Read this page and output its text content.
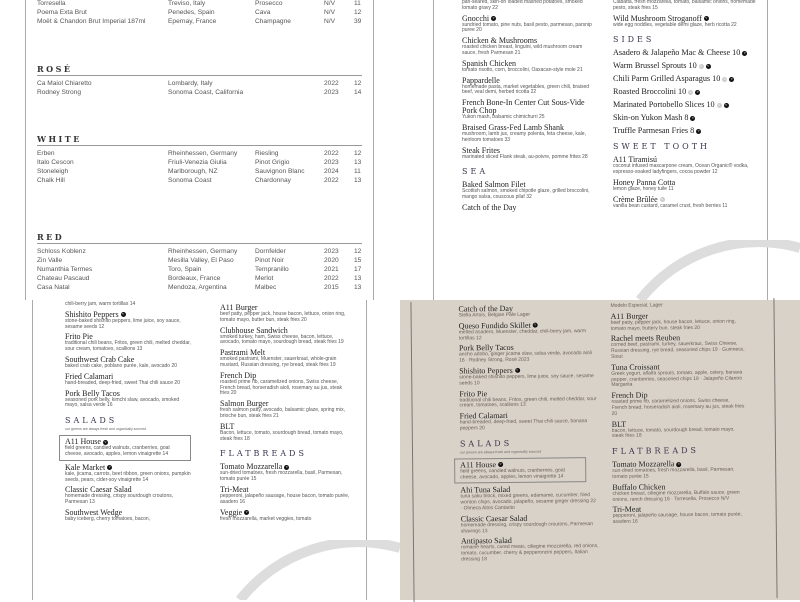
Torresella	Treviso, Italy	Prosecco	N/V	11
Poema Exta Brut	Penedes, Spain	Cava	N/V	12
Moët & Chandon Brut Imperial 187ml	Epernay, France	Champagne	N/V	39
ROSÉ
Ca Maiol Chiaretto	Lombardy, Italy	2022 12
Rodney Strong	Sonoma Coast, California	2023 14
WHITE
Erben	Rheinhessen, Germany	Riesling	2022 12
Italo Cescon	Friuli-Venezia Giulia	Pinot Grigio	2023 13
Stoneleigh	Marlborough, NZ	Sauvignon Blanc	2024 11
Chalk Hill	Sonoma Coast	Chardonnay	2022 13
RED
Schloss Koblenz	Rheinhessen, Germany	Dornfelder	2023 12
Zin Valle	Mesilla Valley, El Paso	Pinot Noir	2020 15
Numanthia Termes	Toro, Spain	Tempranillo	2021 17
Chateau Pascaud	Bordeaux, France	Merlot	2022 13
Casa Natal	Mendoza, Argentina	Malbec	2015 13
pan-seared, skin-on loaded mashed potatoes, smoked tomato gravy 22
Gnocchi	V
sundried tomato, pine nuts, basil pesto, parmesan, parsnip puree 20
Chicken & Mushrooms
roasted chicken breast, linguini, wild mushroom cream sauce, fresh Parmesan 21
Spanish Chicken
tomato risotto, corn, broccolini, Oaxacan-style mole 21
Pappardelle
homemade pasta, market vegetables, green chili, braised beef, veal demi, herbed ricotta 22
French Bone-In Center Cut Sous-Vide Pork Chop
Yukon mash, balsamic chimichurri 25
Braised Grass-Fed Lamb Shank
mushroom, lamb jus, creamy polenta, feta cheese, kale, heirloom tomatoes 33
Steak Frites
marinated sliced Flank steak, au-poivre, pomme frites 28
SEA
Baked Salmon Filet
Scottish salmon, smoked chipotle glaze, grilled broccolini, mango salsa, couscous pilaf 32
Catch of the Day
Ciabatta, fresh mozzarella, tomato, balsamic onions, homemade pesto, steak fries 15
Wild Mushroom Stroganoff	V
wide egg noddles, vegetable demi glaze, herb ricotta 22
SIDES
Asadero & Jalapeño Mac & Cheese 10	V
Warm Brussel Sprouts 10	G	V
Chili Parm Grilled Asparagus 10	G	V
Roasted Broccolini 10	G	V
Marinated Portobello Slices 10	G	V
Skin-on Yukon Mash 8	V
Truffle Parmesan Fries 8	V
SWEET TOOTH
A11 Tiramisú
coconut infused mascarpone cream, Ocean Organic® vodka, espresso-soaked ladyfingers, cocoa powder 12
Honey Panna Cotta
lemon glaze, honey tuile 11
Crème Brûlée	G
vanilla bean custard, caramel crust, fresh berries 11
chili-berry jam, warm tortillas 14
Shishito Peppers	V
stone-baked shishito peppers, lime juice, soy sauce, sesame seeds 12
Frito Pie
traditional chili beans, Fritos, green chili, melted cheddar, sour cream, tomatoes, scallions 13
Southwest Crab Cake
baked crab cake, poblano purée, kale, avocado 20
Fried Calamari
hand-breaded, deep-fried, sweet Thai chili sauce 20
Pork Belly Tacos
seasoned pork belly, kimchi slaw, avocado, smoked mayo, salsa verde 16
SALADS
our greens are always fresh and organically sourced
A11 House	V
field greens, candied walnuts, cranberries, goat cheese, avocado, apples, lemon vinaigrette 14
Kale Market	V
kale, jicama, carrots, beet ribbon, green onions, pumpkin seeds, pears, cider-soy vinaigrette 14
Classic Caesar Salad
homemade dressing, crispy sourdough croutons, Parmesan 13
Southwest Wedge
baby iceberg, cherry tomatoes, bacon,
A11 Burger
beef patty, pepper jack, house bacon, lettuce, onion ring, tomato mayo, butter bun, steak fries 20
Clubhouse Sandwich
smoked turkey, ham, Swiss cheese, bacon, lettuce, avocado, tomato mayo, sourdough bread, steak fries 19
Pastrami Melt
smoked pastrami, Muenster, sauerkraut, whole-grain mustard, Russian dressing, rye bread, steak fries 19
French Dip
roasted prime rib, caramelized onions, Swiss cheese, French bread, horseradish aioli, rosemary au jus, steak fries 20
Salmon Burger
fresh salmon patty, avocado, balsamic glaze, spring mix, brioche bun, steak fries 21
BLT
Bacon, lettuce, tomato, sourdough bread, tomato mayo, steak fries 18
FLATBREADS
Tomato Mozzarella	V
sun-dried tomatoes, fresh mozzarella, basil, Parmesan, tomato purée 15
Tri-Meat
pepperoni, jalapeño sausage, house bacon, tomato purée, asadero 16
Veggie	V
fresh mozzarella, market veggies, tomato
Catch of the Day
Stella Artois, Belgian Pale Lager
Queso Fundido Skillet	V
melted asadero, Muenster, cheddar, chili-berry jam, warm tortillas 12
Pork Belly Tacos
ancho adobo, ginger jicama slaw, salsa verde, avocado aioli 16 · Rodney Strong, Rosé 2023
Shishito Peppers	V
stone-baked shishito peppers, lime juice, soy sauce, sesame seeds 10
Frito Pie
traditional chili beans, Fritos, green chili, melted cheddar, sour cream, tomatoes, scallions 13
Fried Calamari
hand-breaded, deep-fried, sweet Thai chili sauce, banana peppers 20
SALADS
our greens are always fresh and organically sourced
A11 House	V
field greens, candied walnuts, cranberries, goat cheese, avocado, apples, lemon vinaigrette 14
Ahi Tuna Salad
tuna saku block, mixed greens, edamame, cucumber, fried wonton chips, avocado, jalapeño, sesame ginger dressing 22 · Olmeca Altos Cantarito
Classic Caesar Salad
homemade dressing, crispy sourdough croutons, Parmesan shavings 13
Antipasto Salad
romaine hearts, cured meats, ciliegine mozzarella, red onions, tomato, cucumber, cherry & pepperoncini peppers, Italian dressing 18
Modelo Especial, Lager
A11 Burger
beef patty, pepper jack, house bacon, lettuce, onion ring, tomato mayo, buttery bun, steak fries 20
Rachel meets Reuben
corned beef, pastrami, turkey, sauerkraut, Swiss Cheese, Russian dressing, rye bread, seasoned chips 19 · Guinness, Stout
Tuna Croissant
Greek yogurt, alfalfa sprouts, tomato, apple, celery, banana pepper, cranberries, seasoned chips 18 · Jalapeño Cilantro Margarita
French Dip
roasted prime rib, caramelized onions, Swiss cheese, French bread, horseradish aioli, rosemary au jus, steak fries 20
BLT
bacon, lettuce, tomato, sourdough bread, tomato mayo, steak fries 18
FLATBREADS
Tomato Mozzarella	V
sun-dried tomatoes, fresh mozzarella, basil, Parmesan, tomato purée 15
Buffalo Chicken
chicken breast, ciliegine mozzarella, Buffalo sauce, green onions, ranch dressing 16 · Torresella, Prosecco N/V
Tri-Meat
pepperoni, jalapeño sausage, house bacon, tomato purée, asadero 16
